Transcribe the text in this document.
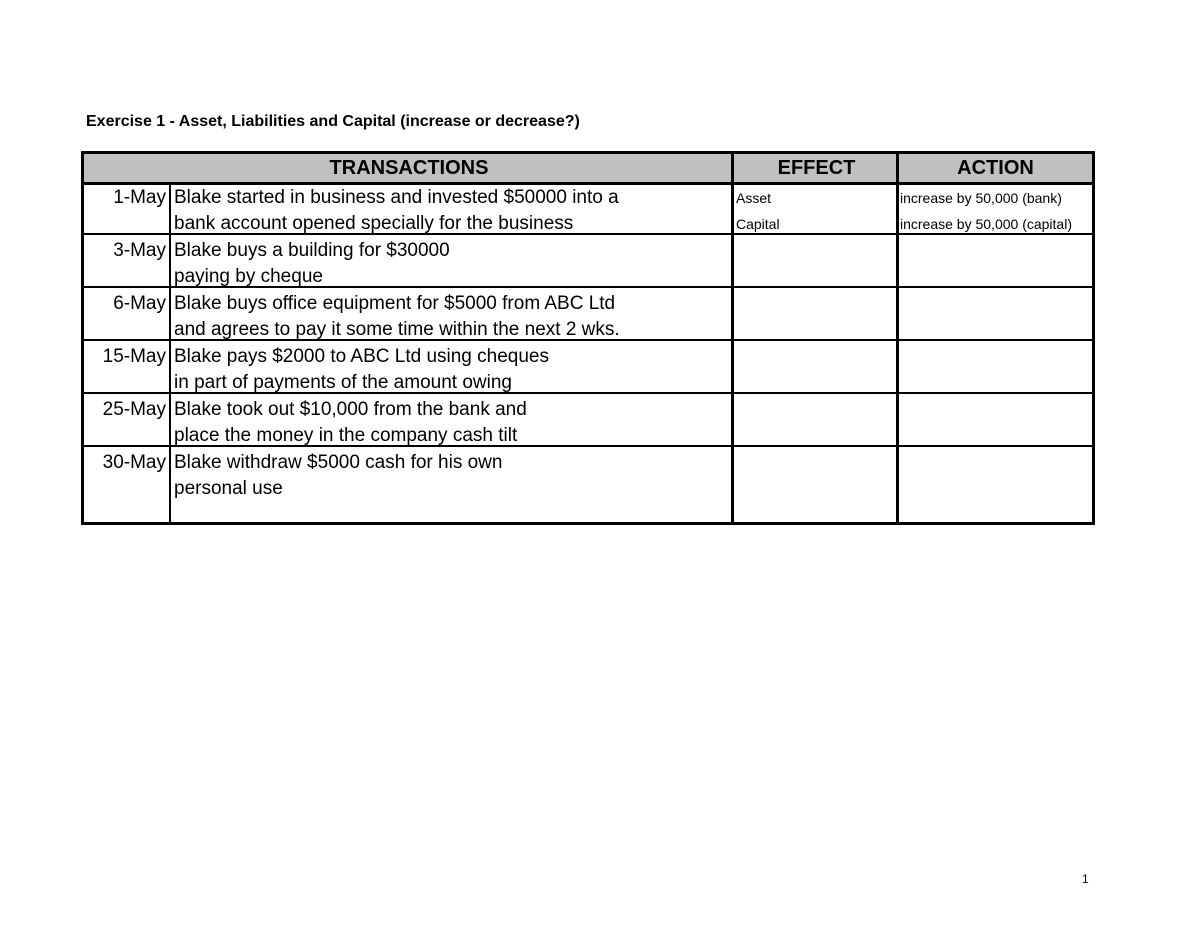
Exercise 1 - Asset, Liabilities and Capital (increase or decrease?)
TRANSACTIONS	EFFECT	ACTION
1-May Blake started in business and invested $50000 into a
bank account opened specially for the business
Asset
Capital
increase by 50,000 (bank)
increase by 50,000 (capital)
3-May Blake buys a building for $30000
paying by cheque
6-May Blake buys office equipment for $5000 from ABC Ltd
and agrees to pay it some time within the next 2 wks.
15-May Blake pays $2000 to ABC Ltd using cheques
in part of payments of the amount owing
25-May Blake took out $10,000 from the bank and
place the money in the company cash tilt
30-May Blake withdraw $5000 cash for his own
personal use
1
